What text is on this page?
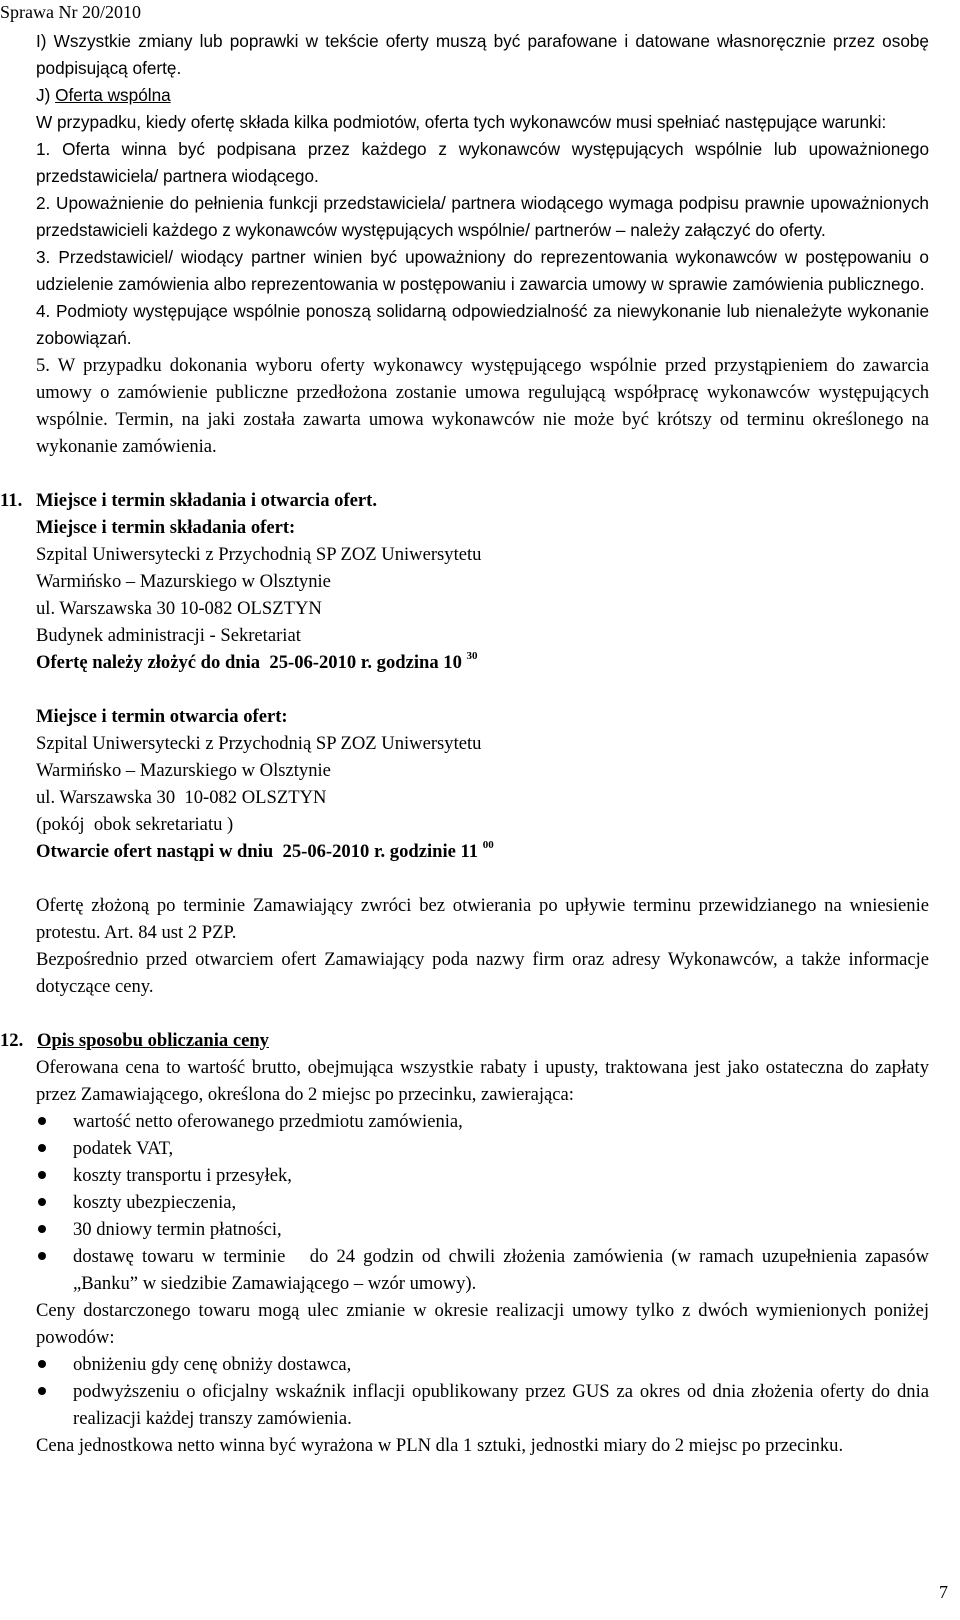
Sprawa Nr 20/2010
I) Wszystkie zmiany lub poprawki w tekście oferty muszą być parafowane i datowane własnoręcznie przez osobę podpisującą ofertę.
J) Oferta wspólna
W przypadku, kiedy ofertę składa kilka podmiotów, oferta tych wykonawców musi spełniać następujące warunki:
1. Oferta winna być podpisana przez każdego z wykonawców występujących wspólnie lub upoważnionego przedstawiciela/ partnera wiodącego.
2. Upoważnienie do pełnienia funkcji przedstawiciela/ partnera wiodącego wymaga podpisu prawnie upoważnionych przedstawicieli każdego z wykonawców występujących wspólnie/ partnerów – należy załączyć do oferty.
3. Przedstawiciel/ wiodący partner winien być upoważniony do reprezentowania wykonawców w postępowaniu o udzielenie zamówienia albo reprezentowania w postępowaniu i zawarcia umowy w sprawie zamówienia publicznego.
4. Podmioty występujące wspólnie ponoszą solidarną odpowiedzialność za niewykonanie lub nienależyte wykonanie zobowiązań.
5. W przypadku dokonania wyboru oferty wykonawcy występującego wspólnie przed przystąpieniem do zawarcia umowy o zamówienie publiczne przedłożona zostanie umowa regulującą współpracę wykonawców występujących wspólnie. Termin, na jaki została zawarta umowa wykonawców nie może być krótszy od terminu określonego na wykonanie zamówienia.
11. Miejsce i termin składania i otwarcia ofert.
Miejsce i termin składania ofert:
Szpital Uniwersytecki z Przychodnią SP ZOZ Uniwersytetu
Warmińsko – Mazurskiego w Olsztynie
ul. Warszawska 30 10-082 OLSZTYN
Budynek administracji - Sekretariat
Ofertę należy złożyć do dnia  25-06-2010 r. godzina 10 $^{30}$
Miejsce i termin otwarcia ofert:
Szpital Uniwersytecki z Przychodnią SP ZOZ Uniwersytetu
Warmińsko – Mazurskiego w Olsztynie
ul. Warszawska 30  10-082 OLSZTYN
(pokój  obok sekretariatu )
Otwarcie ofert nastąpi w dniu  25-06-2010 r. godzinie 11 $^{00}$
Ofertę złożoną po terminie Zamawiający zwróci bez otwierania po upływie terminu przewidzianego na wniesienie protestu. Art. 84 ust 2 PZP.
Bezpośrednio przed otwarciem ofert Zamawiający poda nazwy firm oraz adresy Wykonawców, a także informacje dotyczące ceny.
12. Opis sposobu obliczania ceny
Oferowana cena to wartość brutto, obejmująca wszystkie rabaty i upusty, traktowana jest jako ostateczna do zapłaty przez Zamawiającego, określona do 2 miejsc po przecinku, zawierająca:
wartość netto oferowanego przedmiotu zamówienia,
podatek VAT,
koszty transportu i przesyłek,
koszty ubezpieczenia,
30 dniowy termin płatności,
dostawę towaru w terminie   do 24 godzin od chwili złożenia zamówienia (w ramach uzupełnienia zapasów „Banku” w siedzibie Zamawiającego – wzór umowy).
Ceny dostarczonego towaru mogą ulec zmianie w okresie realizacji umowy tylko z dwóch wymienionych poniżej powodów:
obniżeniu gdy cenę obniży dostawca,
podwyższeniu o oficjalny wskaźnik inflacji opublikowany przez GUS za okres od dnia złożenia oferty do dnia realizacji każdej transzy zamówienia.
Cena jednostkowa netto winna być wyrażona w PLN dla 1 sztuki, jednostki miary do 2 miejsc po przecinku.
7
